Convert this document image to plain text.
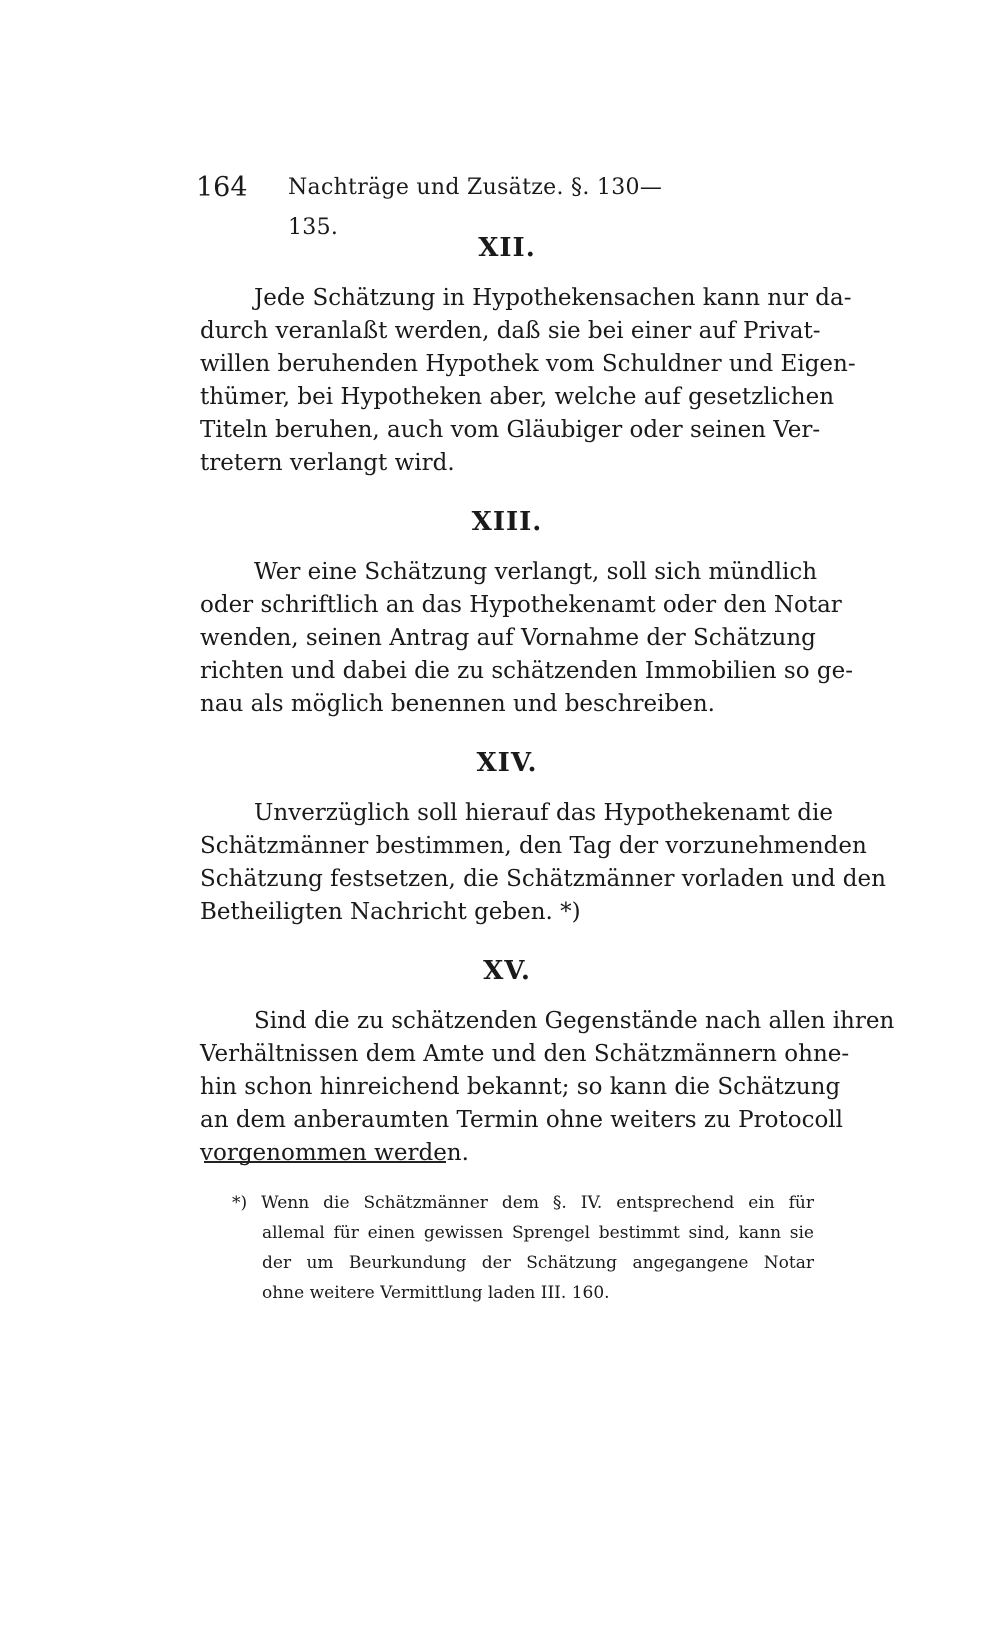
164 Nachträge und Zusätze. §. 130—135.
XII.

Jede Schätzung in Hypothekensachen kann nur da-
durch veranlaßt werden, daß sie bei einer auf Privat-
willen beruhenden Hypothek vom Schuldner und Eigen-
thümer, bei Hypotheken aber, welche auf gesetzlichen
Titeln beruhen, auch vom Gläubiger oder seinen Ver-
tretern verlangt wird.

XIII.

Wer eine Schätzung verlangt, soll sich mündlich
oder schriftlich an das Hypothekenamt oder den Notar
wenden, seinen Antrag auf Vornahme der Schätzung
richten und dabei die zu schätzenden Immobilien so ge-
nau als möglich benennen und beschreiben.

XIV.

Unverzüglich soll hierauf das Hypothekenamt die
Schätzmänner bestimmen, den Tag der vorzunehmenden
Schätzung festsetzen, die Schätzmänner vorladen und den
Betheiligten Nachricht geben. *)

XV.

Sind die zu schätzenden Gegenstände nach allen ihren
Verhältnissen dem Amte und den Schätzmännern ohne-
hin schon hinreichend bekannt; so kann die Schätzung
an dem anberaumten Termin ohne weiters zu Protocoll
vorgenommen werden.

*) Wenn die Schätzmänner dem §. IV. entsprechend ein für
allemal für einen gewissen Sprengel bestimmt sind, kann sie
der um Beurkundung der Schätzung angegangene Notar
ohne weitere Vermittlung laden III. 160.
